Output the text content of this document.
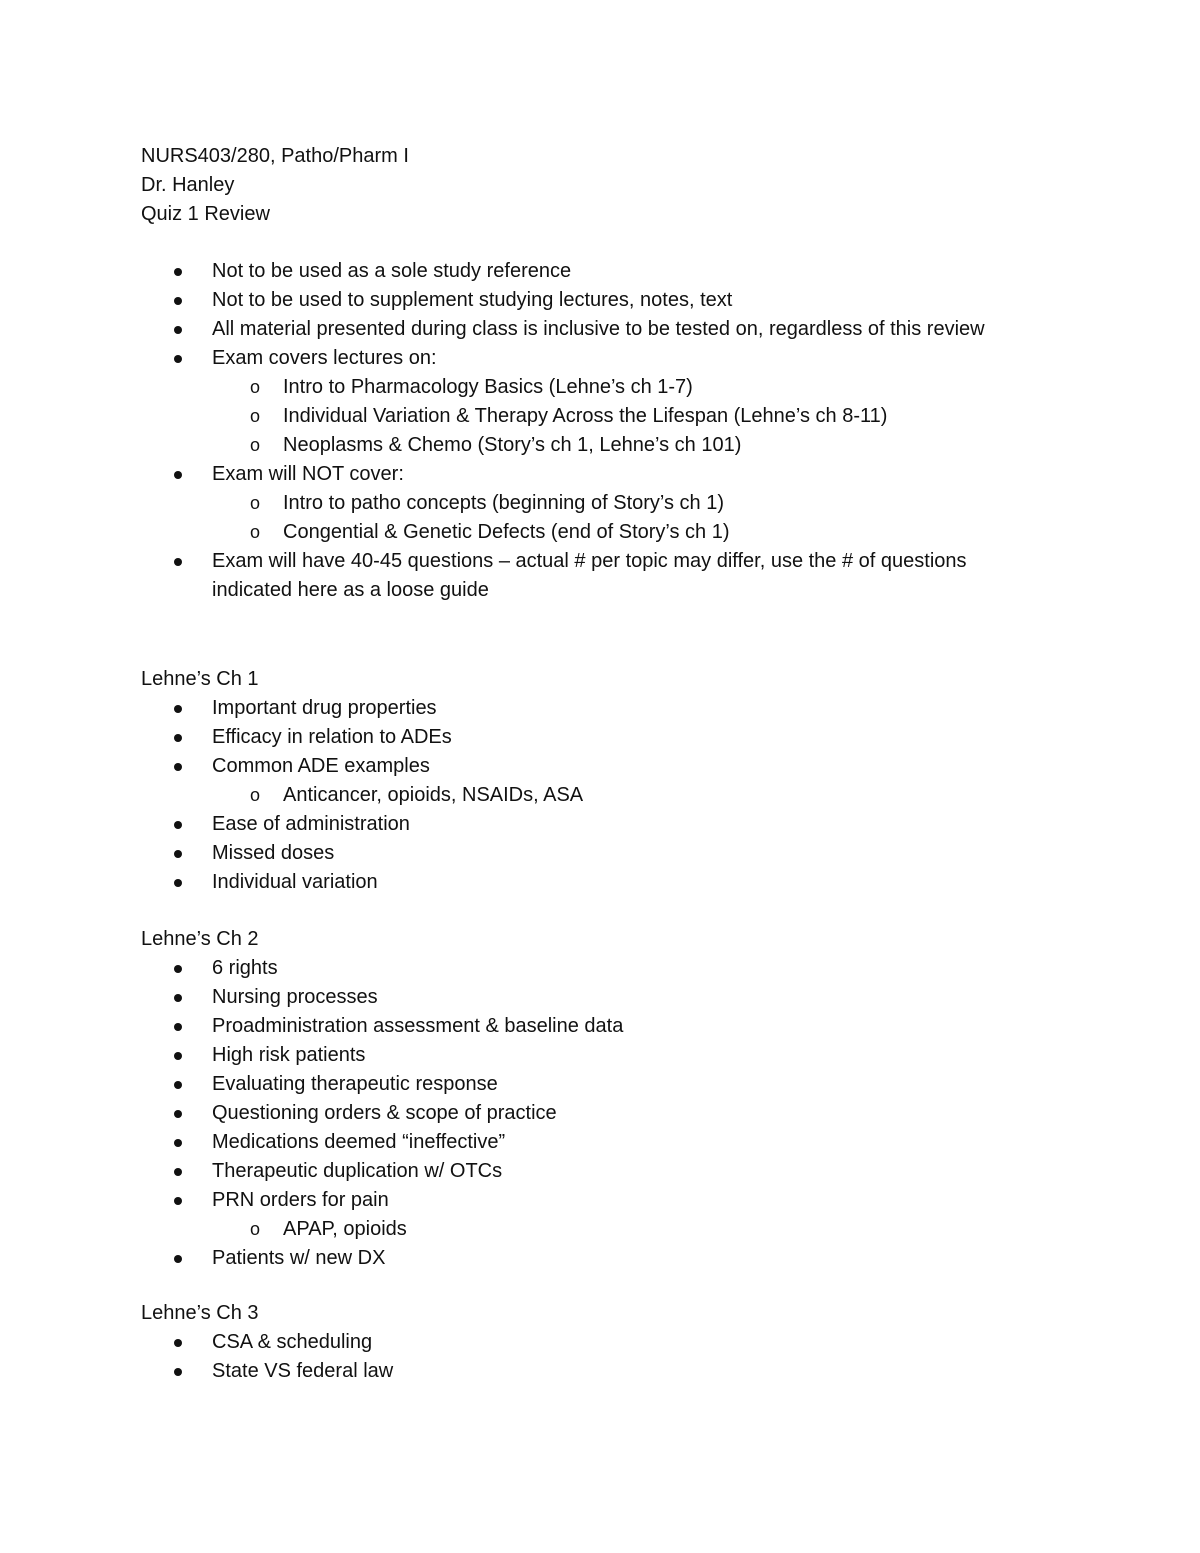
NURS403/280, Patho/Pharm I
Dr. Hanley
Quiz 1 Review
Not to be used as a sole study reference
Not to be used to supplement studying lectures, notes, text
All material presented during class is inclusive to be tested on, regardless of this review
Exam covers lectures on:
o Intro to Pharmacology Basics (Lehne’s ch 1-7)
o Individual Variation & Therapy Across the Lifespan (Lehne’s ch 8-11)
o Neoplasms & Chemo (Story’s ch 1, Lehne’s ch 101)
Exam will NOT cover:
o Intro to patho concepts (beginning of Story’s ch 1)
o Congential & Genetic Defects (end of Story’s ch 1)
Exam will have 40-45 questions – actual # per topic may differ, use the # of questions indicated here as a loose guide
Lehne’s Ch 1
Important drug properties
Efficacy in relation to ADEs
Common ADE examples
o Anticancer, opioids, NSAIDs, ASA
Ease of administration
Missed doses
Individual variation
Lehne’s Ch 2
6 rights
Nursing processes
Proadministration assessment & baseline data
High risk patients
Evaluating therapeutic response
Questioning orders & scope of practice
Medications deemed “ineffective”
Therapeutic duplication w/ OTCs
PRN orders for pain
o APAP, opioids
Patients w/ new DX
Lehne’s Ch 3
CSA & scheduling
State VS federal law
